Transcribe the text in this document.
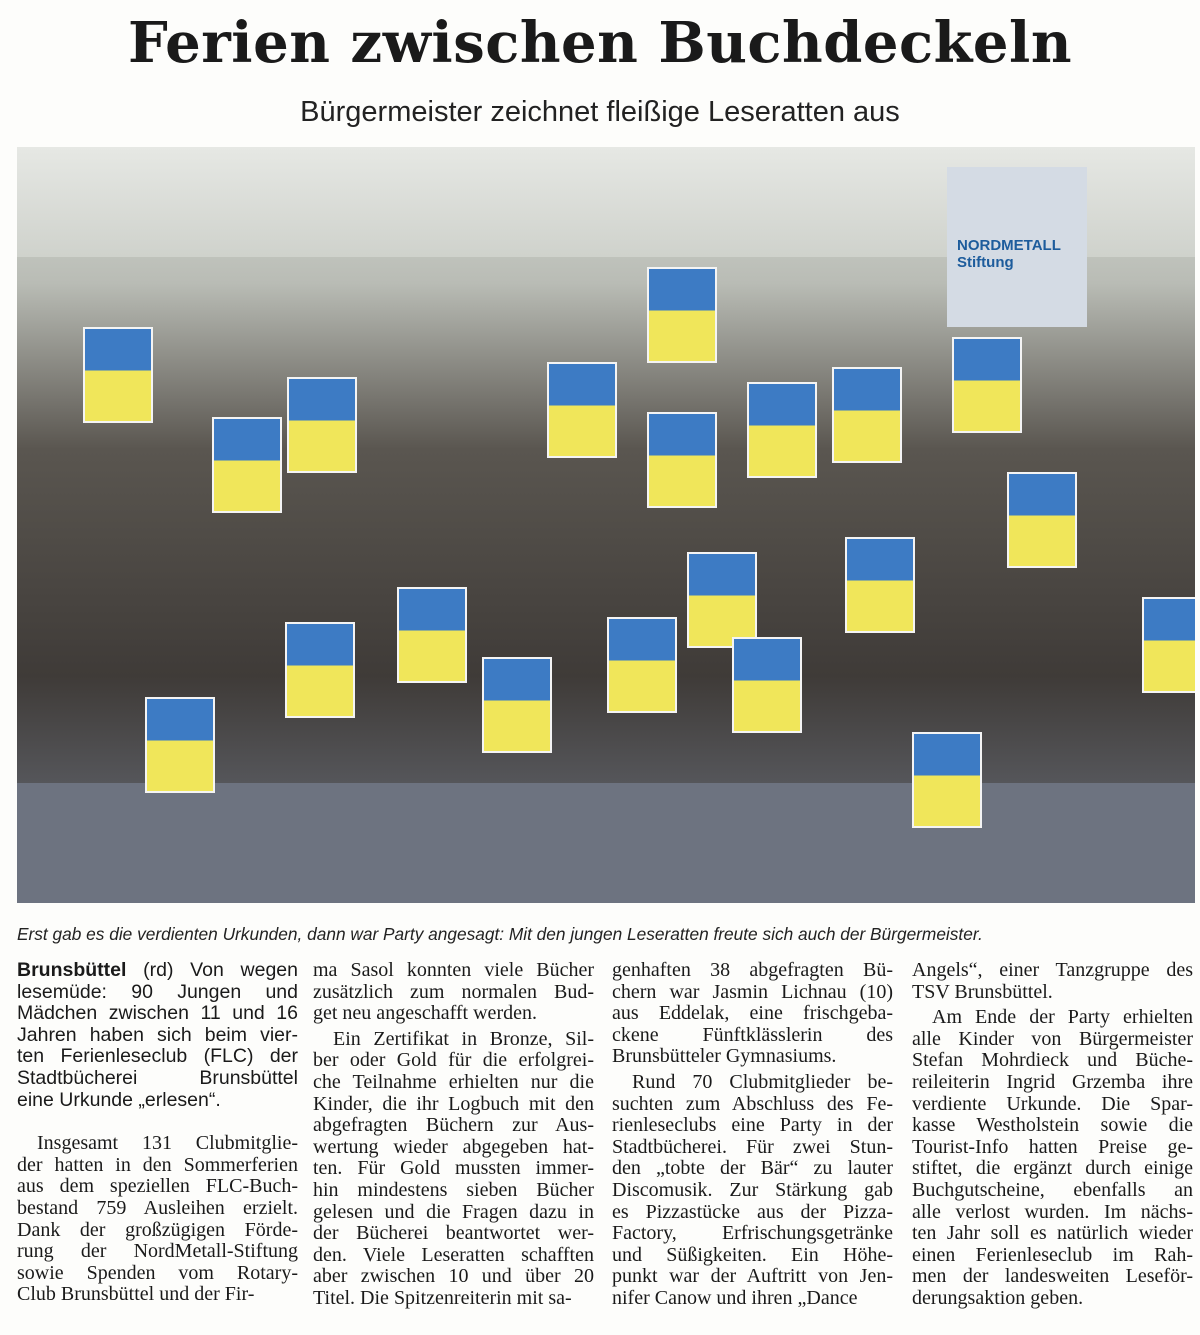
Ferien zwischen Buchdeckeln
Bürgermeister zeichnet fleißige Leseratten aus
NORDMETALL Stiftung
Erst gab es die verdienten Urkunden, dann war Party angesagt: Mit den jungen Leseratten freute sich auch der Bürgermeister.
Brunsbüttel (rd) Von wegen
lesemüde: 90 Jungen und
Mädchen zwischen 11 und 16
Jahren haben sich beim vier-
ten Ferienleseclub (FLC) der
Stadtbücherei Brunsbüttel
eine Urkunde „erlesen“.
Insgesamt 131 Clubmitglie-
der hatten in den Sommerferien
aus dem speziellen FLC-Buch-
bestand 759 Ausleihen erzielt.
Dank der großzügigen Förde-
rung der NordMetall-Stiftung
sowie Spenden vom Rotary-
Club Brunsbüttel und der Fir-
ma Sasol konnten viele Bücher
zusätzlich zum normalen Bud-
get neu angeschafft werden.
Ein Zertifikat in Bronze, Sil-
ber oder Gold für die erfolgrei-
che Teilnahme erhielten nur die
Kinder, die ihr Logbuch mit den
abgefragten Büchern zur Aus-
wertung wieder abgegeben hat-
ten. Für Gold mussten immer-
hin mindestens sieben Bücher
gelesen und die Fragen dazu in
der Bücherei beantwortet wer-
den. Viele Leseratten schafften
aber zwischen 10 und über 20
Titel. Die Spitzenreiterin mit sa-
genhaften 38 abgefragten Bü-
chern war Jasmin Lichnau (10)
aus Eddelak, eine frischgeba-
ckene Fünftklässlerin des
Brunsbütteler Gymnasiums.
Rund 70 Clubmitglieder be-
suchten zum Abschluss des Fe-
rienleseclubs eine Party in der
Stadtbücherei. Für zwei Stun-
den „tobte der Bär“ zu lauter
Discomusik. Zur Stärkung gab
es Pizzastücke aus der Pizza-
Factory, Erfrischungsgetränke
und Süßigkeiten. Ein Höhe-
punkt war der Auftritt von Jen-
nifer Canow und ihren „Dance
Angels“, einer Tanzgruppe des
TSV Brunsbüttel.
Am Ende der Party erhielten
alle Kinder von Bürgermeister
Stefan Mohrdieck und Büche-
reileiterin Ingrid Grzemba ihre
verdiente Urkunde. Die Spar-
kasse Westholstein sowie die
Tourist-Info hatten Preise ge-
stiftet, die ergänzt durch einige
Buchgutscheine, ebenfalls an
alle verlost wurden. Im nächs-
ten Jahr soll es natürlich wieder
einen Ferienleseclub im Rah-
men der landesweiten Leseför-
derungsaktion geben.
